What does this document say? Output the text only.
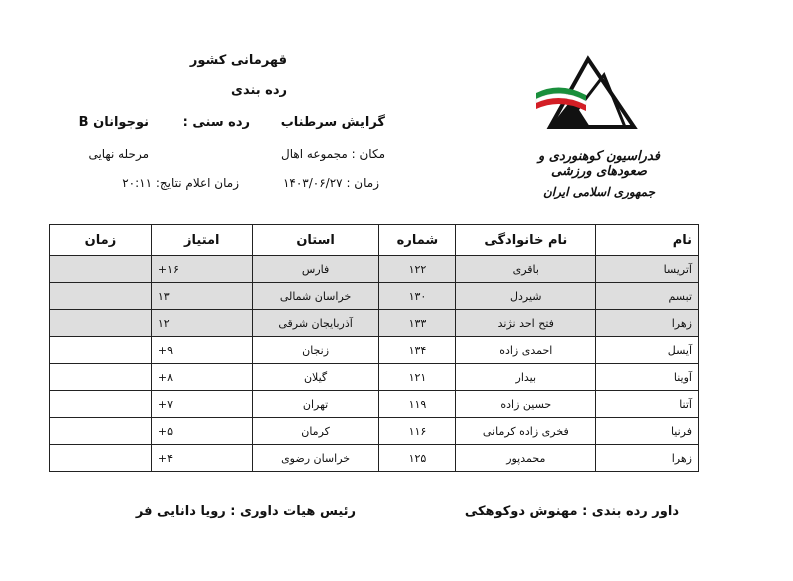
قهرمانی کشور
رده بندی
گرایش سرطناب
رده سنی :
نوجوانان B
مکان : مجموعه اهال
مرحله نهایی
زمان : ۱۴۰۳/۰۶/۲۷
زمان اعلام نتایج: ۲۰:۱۱
فدراسیون کوهنوردی و صعودهای ورزشی
جمهوری اسلامی ایران
نام	نام خانوادگی	شماره	استان	امتیاز	زمان
آتریسا	باقری	۱۲۲	فارس	+۱۶	
تبسم	شیردل	۱۳۰	خراسان شمالی	۱۳	
زهرا	فتح احد نژند	۱۳۳	آذربایجان شرقی	۱۲	
آیسل	احمدی زاده	۱۳۴	زنجان	+۹	
آوینا	بیدار	۱۲۱	گیلان	+۸	
آتنا	حسین زاده	۱۱۹	تهران	+۷	
فرنیا	فخری زاده کرمانی	۱۱۶	کرمان	+۵	
زهرا	محمدپور	۱۲۵	خراسان رضوی	+۴	
داور رده بندی : مهنوش دوکوهکی
رئیس هیات داوری : رویا دانایی فر
